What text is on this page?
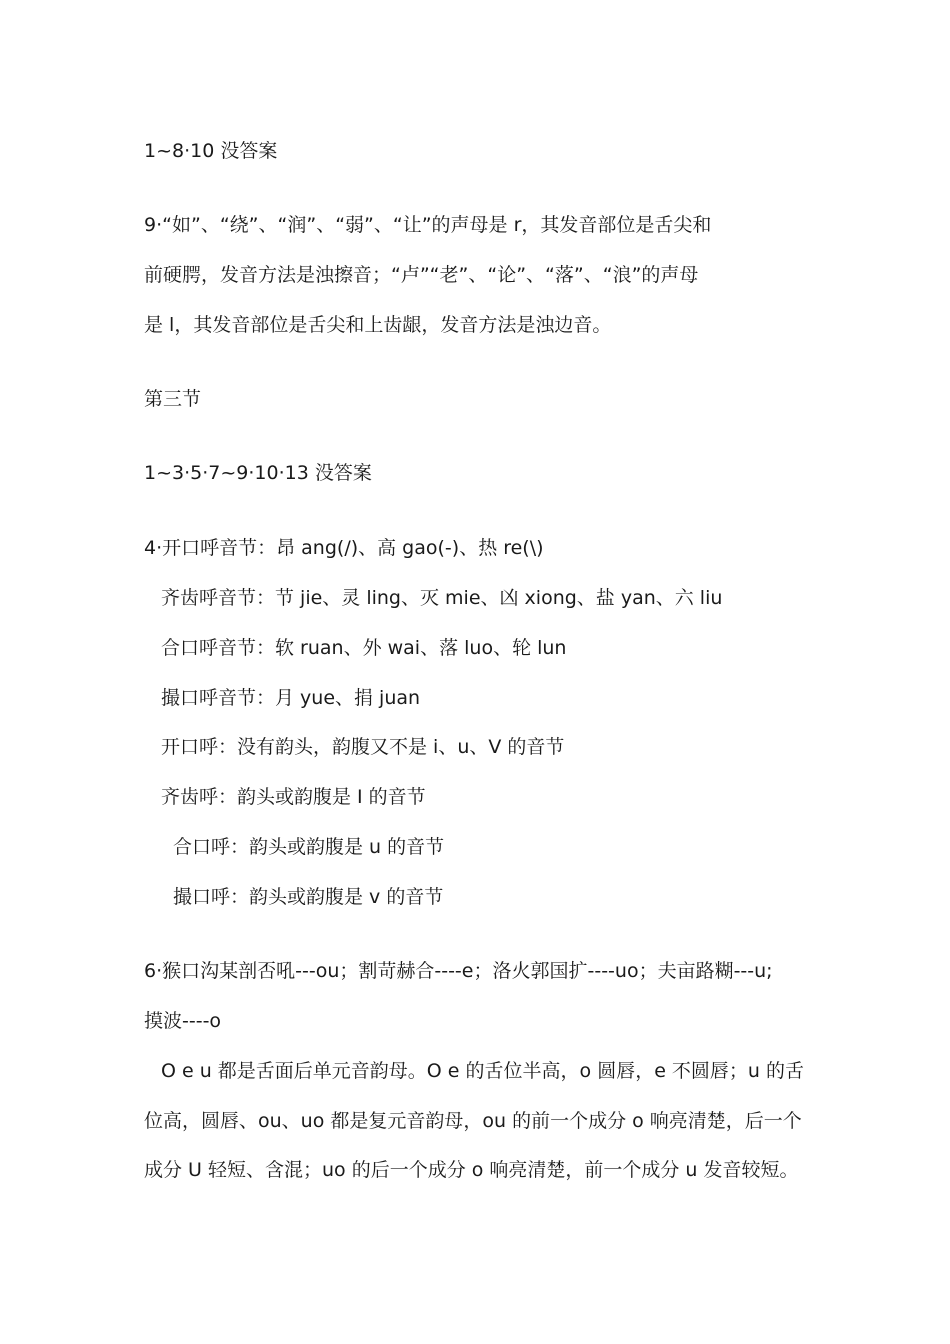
1~8·10 没答案

9·“如”、“绕”、“润”、“弱”、“让”的声母是 r，其发音部位是舌尖和

前硬腭，发音方法是浊擦音；“卢”“老”、“论”、“落”、“浪”的声母

是 l，其发音部位是舌尖和上齿龈，发音方法是浊边音。

第三节

1~3·5·7~9·10·13 没答案

4·开口呼音节：昂 ang(/)、高 gao(-)、热 re(\)

齐齿呼音节：节 jie、灵 ling、灭 mie、凶 xiong、盐 yan、六 liu

合口呼音节：软 ruan、外 wai、落 luo、轮 lun

撮口呼音节：月 yue、捐 juan

开口呼：没有韵头，韵腹又不是 i、u、V 的音节

齐齿呼：韵头或韵腹是 I 的音节

合口呼：韵头或韵腹是 u 的音节

撮口呼：韵头或韵腹是 v 的音节

6·猴口沟某剖否吼---ou；割苛赫合----e；洛火郭国扩----uo；夫亩路糊---u;

摸波----o

O e u 都是舌面后单元音韵母。O e 的舌位半高，o 圆唇，e 不圆唇；u 的舌

位高，圆唇、ou、uo 都是复元音韵母，ou 的前一个成分 o 响亮清楚，后一个

成分 U 轻短、含混；uo 的后一个成分 o 响亮清楚，前一个成分 u 发音较短。
